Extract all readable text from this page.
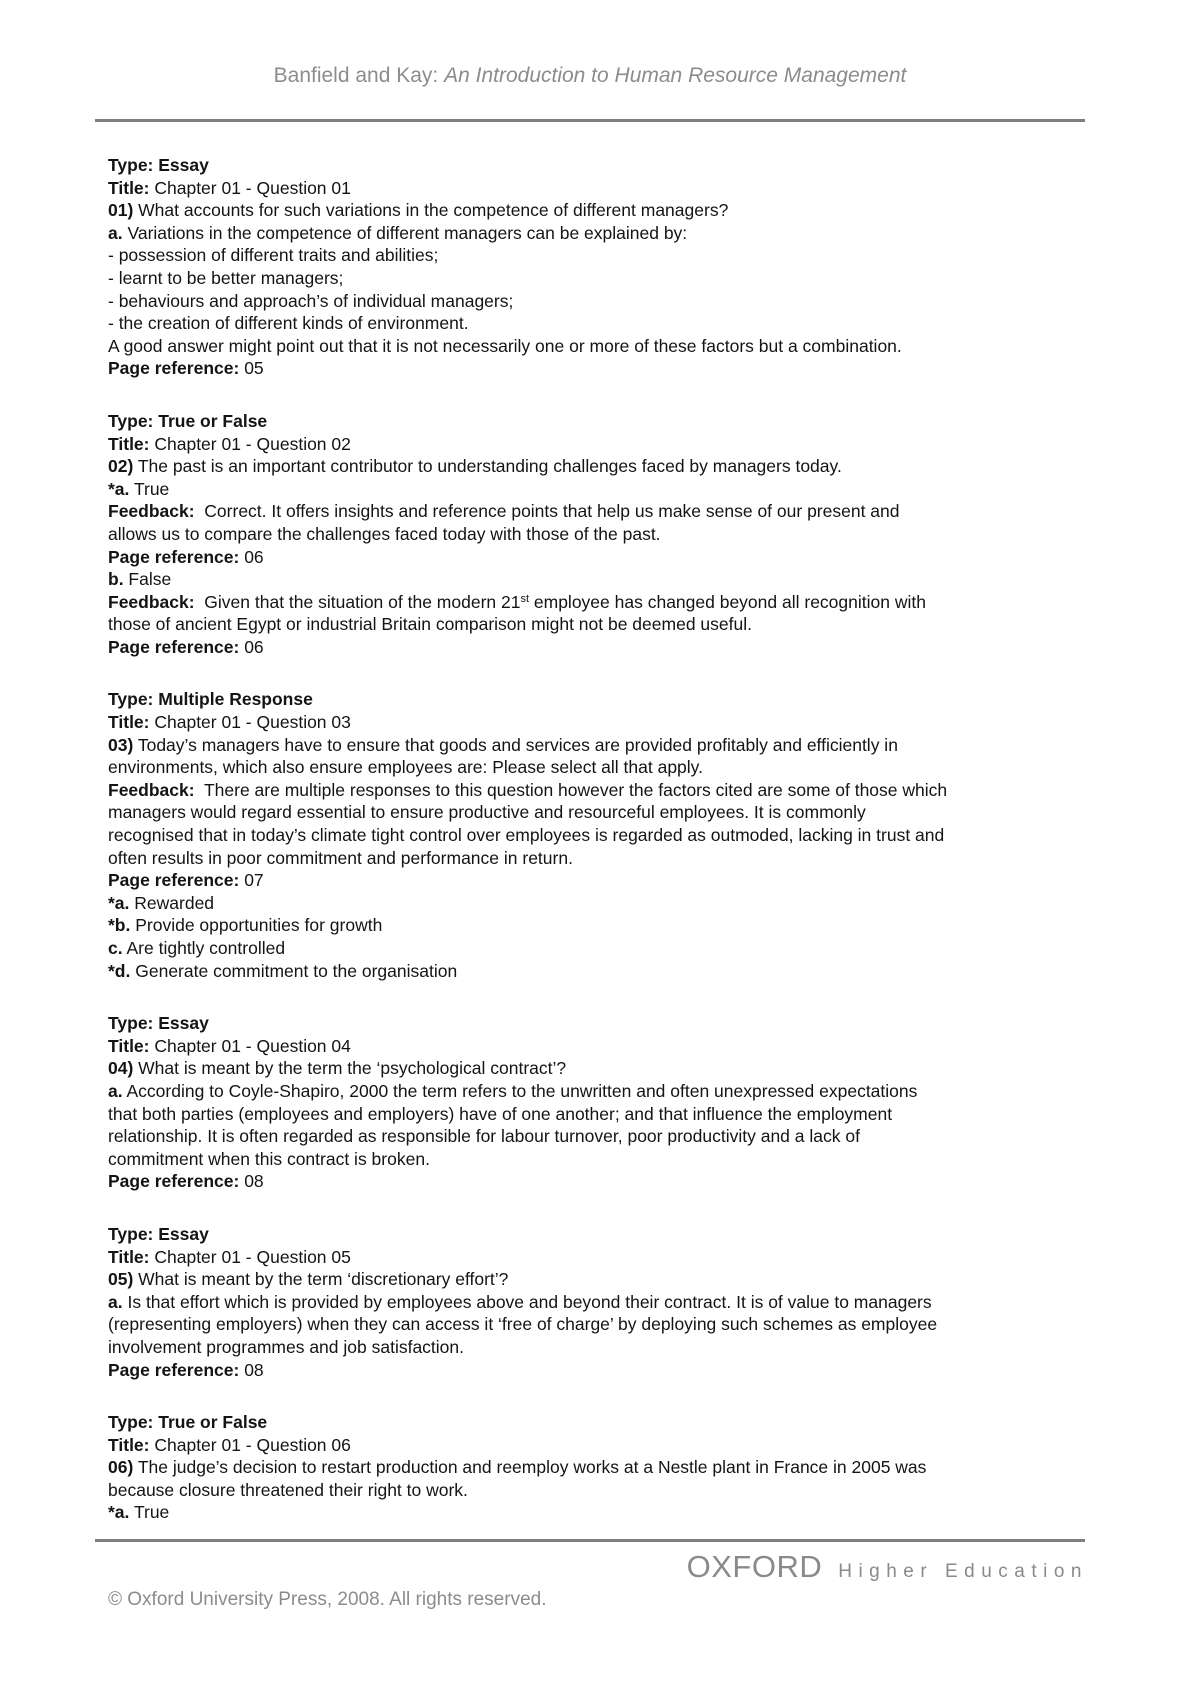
Banfield and Kay: An Introduction to Human Resource Management
Type: Essay
Title: Chapter 01 - Question 01
01) What accounts for such variations in the competence of different managers?
a. Variations in the competence of different managers can be explained by:
- possession of different traits and abilities;
- learnt to be better managers;
- behaviours and approach’s of individual managers;
- the creation of different kinds of environment.
A good answer might point out that it is not necessarily one or more of these factors but a combination.
Page reference: 05
Type: True or False
Title: Chapter 01 - Question 02
02) The past is an important contributor to understanding challenges faced by managers today.
*a. True
Feedback:  Correct. It offers insights and reference points that help us make sense of our present and
allows us to compare the challenges faced today with those of the past.
Page reference: 06
b. False
Feedback:  Given that the situation of the modern 21st employee has changed beyond all recognition with
those of ancient Egypt or industrial Britain comparison might not be deemed useful.
Page reference: 06
Type: Multiple Response
Title: Chapter 01 - Question 03
03) Today’s managers have to ensure that goods and services are provided profitably and efficiently in
environments, which also ensure employees are: Please select all that apply.
Feedback:  There are multiple responses to this question however the factors cited are some of those which
managers would regard essential to ensure productive and resourceful employees. It is commonly
recognised that in today’s climate tight control over employees is regarded as outmoded, lacking in trust and
often results in poor commitment and performance in return.
Page reference: 07
*a. Rewarded
*b. Provide opportunities for growth
c. Are tightly controlled
*d. Generate commitment to the organisation
Type: Essay
Title: Chapter 01 - Question 04
04) What is meant by the term the ‘psychological contract’?
a. According to Coyle-Shapiro, 2000 the term refers to the unwritten and often unexpressed expectations
that both parties (employees and employers) have of one another; and that influence the employment
relationship. It is often regarded as responsible for labour turnover, poor productivity and a lack of
commitment when this contract is broken.
Page reference: 08
Type: Essay
Title: Chapter 01 - Question 05
05) What is meant by the term ‘discretionary effort’?
a. Is that effort which is provided by employees above and beyond their contract. It is of value to managers
(representing employers) when they can access it ‘free of charge’ by deploying such schemes as employee
involvement programmes and job satisfaction.
Page reference: 08
Type: True or False
Title: Chapter 01 - Question 06
06) The judge’s decision to restart production and reemploy works at a Nestle plant in France in 2005 was
because closure threatened their right to work.
*a. True
OXFORD Higher Education
© Oxford University Press, 2008. All rights reserved.
